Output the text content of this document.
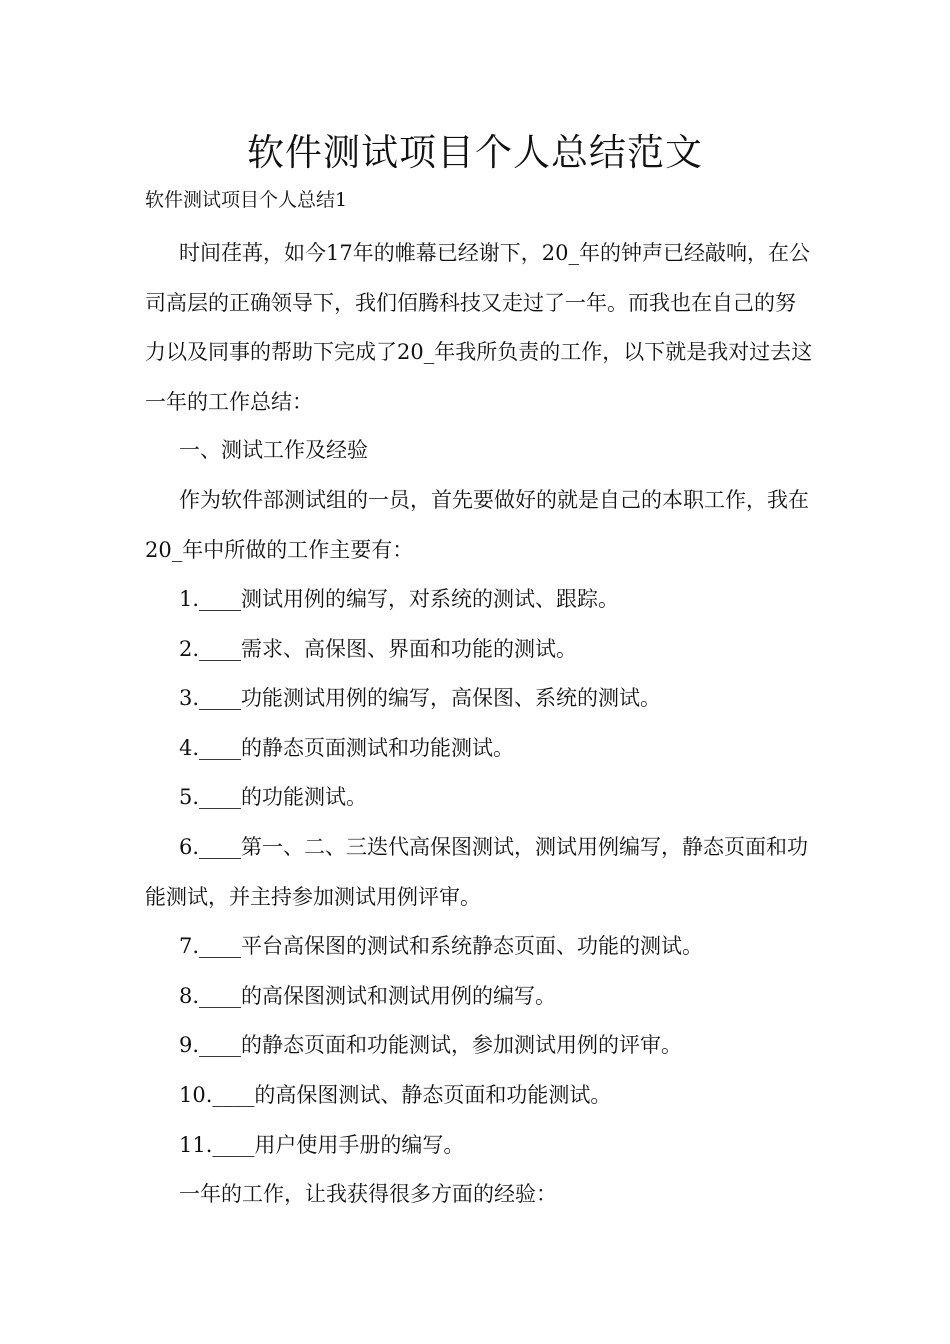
软件测试项目个人总结范文

软件测试项目个人总结1

时间荏苒，如今17年的帷幕已经谢下，20_年的钟声已经敲响，在公司高层的正确领导下，我们佰腾科技又走过了一年。而我也在自己的努力以及同事的帮助下完成了20_年我所负责的工作，以下就是我对过去这一年的工作总结：

一、测试工作及经验

作为软件部测试组的一员，首先要做好的就是自己的本职工作，我在20_年中所做的工作主要有：

1.____测试用例的编写，对系统的测试、跟踪。

2.____需求、高保图、界面和功能的测试。

3.____功能测试用例的编写，高保图、系统的测试。

4.____的静态页面测试和功能测试。

5.____的功能测试。

6.____第一、二、三迭代高保图测试，测试用例编写，静态页面和功能测试，并主持参加测试用例评审。

7.____平台高保图的测试和系统静态页面、功能的测试。

8.____的高保图测试和测试用例的编写。

9.____的静态页面和功能测试，参加测试用例的评审。

10.____的高保图测试、静态页面和功能测试。

11.____用户使用手册的编写。

一年的工作，让我获得很多方面的经验：
